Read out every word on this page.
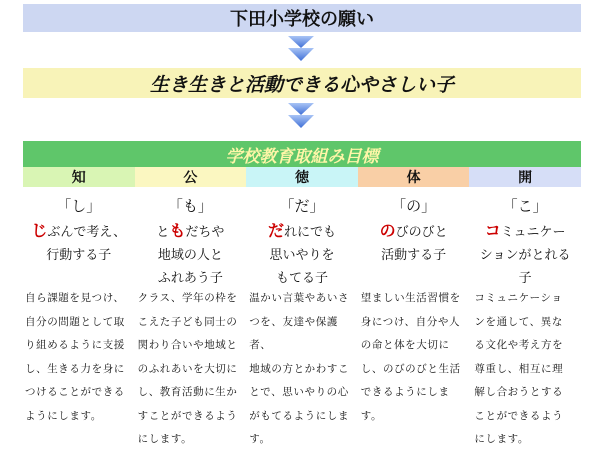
下田小学校の願い
生き生きと活動できる心やさしい子
学校教育取組み目標
知
「し」
じぶんで考え、
行動する子
自ら課題を見つけ、
自分の問題として取
り組めるように支援
し、生きる力を身に
つけることができる
ようにします。
公
「も」
ともだちや
地域の人と
ふれあう子
クラス、学年の枠を
こえた子ども同士の
関わり合いや地域と
のふれあいを大切に
し、教育活動に生か
すことができるよう
にします。
徳
「だ」
だれにでも
思いやりを
もてる子
温かい言葉やあいさ
つを、友達や保護者、
地域の方とかわすこ
とで、思いやりの心
がもてるようにしま
す。
体
「の」
のびのびと
活動する子
望ましい生活習慣を
身につけ、自分や人
の命と体を大切に
し、のびのびと生活
できるようにしま
す。
開
「こ」
コミュニケー
ションがとれる
子
コミュニケーショ
ンを通して、異な
る文化や考え方を
尊重し、相互に理
解し合おうとする
ことができるよう
にします。
